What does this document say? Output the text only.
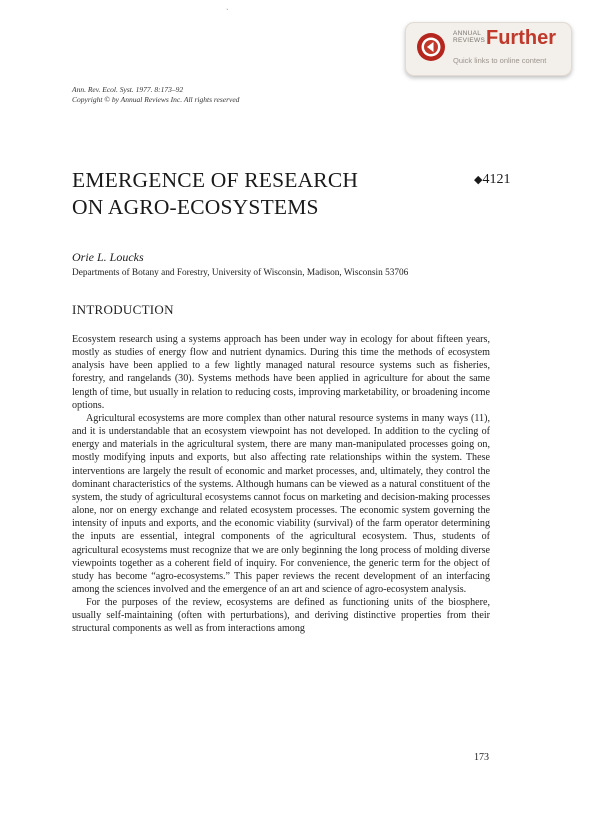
ˋ
ANNUAL
REVIEWS Further
Quick links to online content
Ann. Rev. Ecol. Syst. 1977. 8:173–92
Copyright © by Annual Reviews Inc. All rights reserved
EMERGENCE OF RESEARCH
ON AGRO-ECOSYSTEMS
◆4121
Orie L. Loucks
Departments of Botany and Forestry, University of Wisconsin, Madison, Wisconsin 53706
INTRODUCTION

Ecosystem research using a systems approach has been under way in ecology for about fifteen years, mostly as studies of energy flow and nutrient dynamics. During this time the methods of ecosystem analysis have been applied to a few lightly managed natural resource systems such as fisheries, forestry, and rangelands (30). Systems methods have been applied in agriculture for about the same length of time, but usually in relation to reducing costs, improving marketability, or broadening income options.

Agricultural ecosystems are more complex than other natural resource systems in many ways (11), and it is understandable that an ecosystem viewpoint has not developed. In addition to the cycling of energy and materials in the agricultural system, there are many man-manipulated processes going on, mostly modifying inputs and exports, but also affecting rate relationships within the system. These interventions are largely the result of economic and market processes, and, ultimately, they control the dominant characteristics of the systems. Although humans can be viewed as a natural constituent of the system, the study of agricultural ecosystems cannot focus on marketing and decision-making processes alone, nor on energy exchange and related ecosystem processes. The economic system governing the intensity of inputs and exports, and the economic viability (survival) of the farm operator determining the inputs are essential, integral components of the agricultural ecosystem. Thus, students of agricultural ecosystems must recognize that we are only beginning the long process of molding diverse viewpoints together as a coherent field of inquiry. For convenience, the generic term for the object of study has become “agro-ecosystems.” This paper reviews the recent development of an interfacing among the sciences involved and the emergence of an art and science of agro-ecosystem analysis.

For the purposes of the review, ecosystems are defined as functioning units of the biosphere, usually self-maintaining (often with perturbations), and deriving distinctive properties from their structural components as well as from interactions among

173
